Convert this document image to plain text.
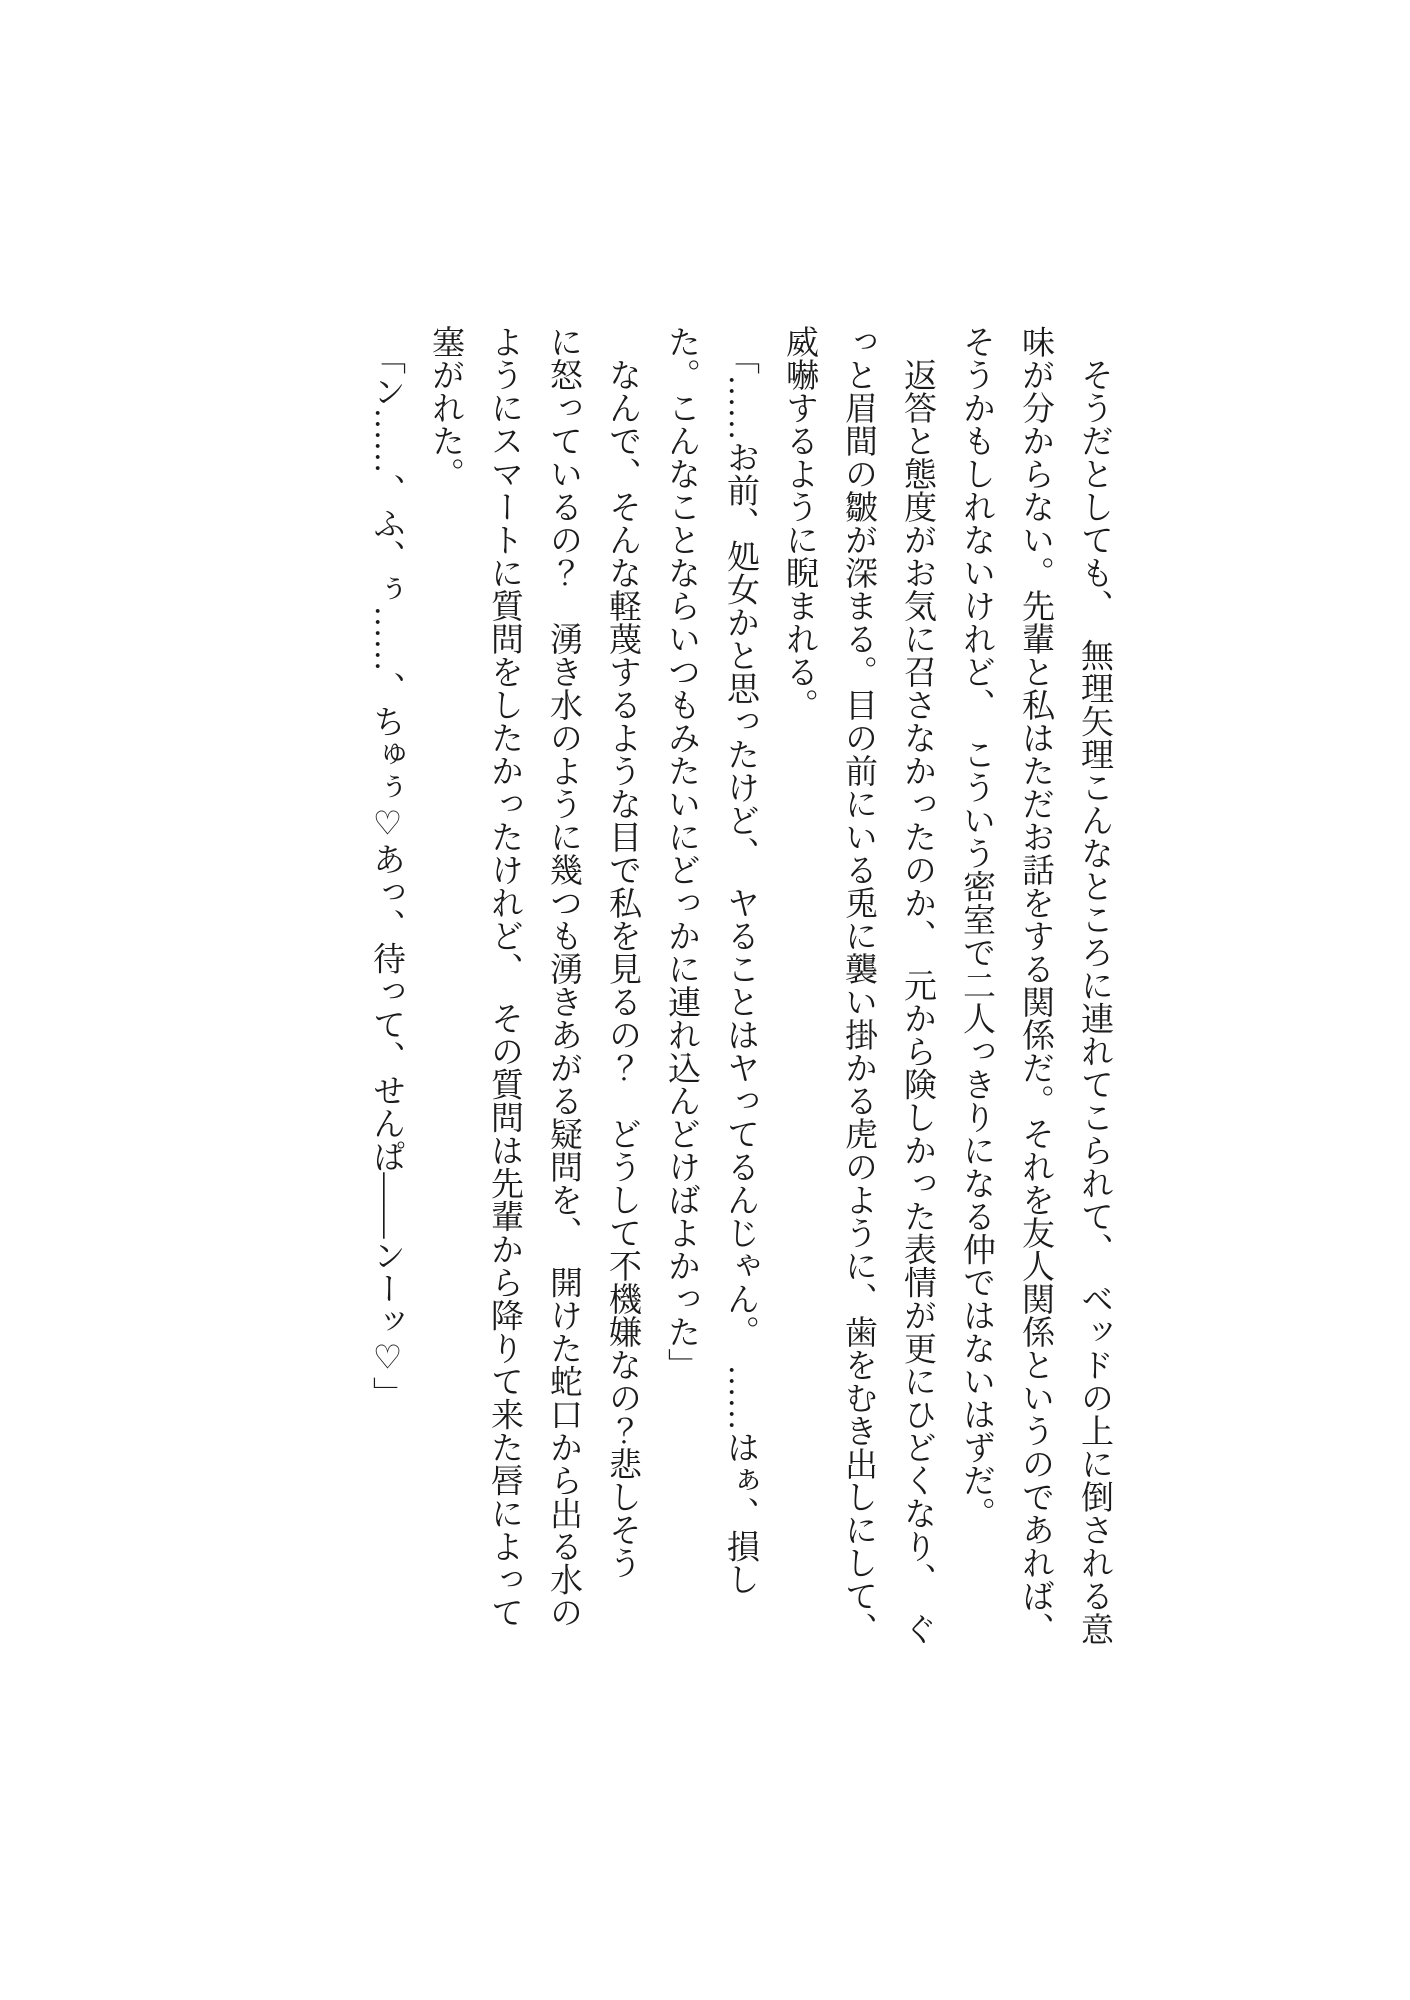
　そうだとしても、　無理矢理こんなところに連れてこられて、　ベッドの上に倒される意

味が分からない。先輩と私はただお話をする関係だ。それを友人関係というのであれば、

そうかもしれないけれど、　こういう密室で二人っきりになる仲ではないはずだ。

　返答と態度がお気に召さなかったのか、　元から険しかった表情が更にひどくなり、　ぐ

っと眉間の皺が深まる。目の前にいる兎に襲い掛かる虎のように、歯をむき出しにして、

威嚇するように睨まれる。

　「……お前、処女かと思ったけど、　ヤることはヤってるんじゃん。　……はぁ、損し

た。こんなことならいつもみたいにどっかに連れ込んどけばよかった」

　なんで、そんな軽蔑するような目で私を見るの？　どうして不機嫌なの？悲しそう

に怒っているの？　湧き水のように幾つも湧きあがる疑問を、　開けた蛇口から出る水の

ようにスマートに質問をしたかったけれど、　その質問は先輩から降りて来た唇によって

塞がれた。

　「ン……、ふ、ぅ……、ちゅぅ♡あっ、待って、せんぱ――ンーッ♡」
